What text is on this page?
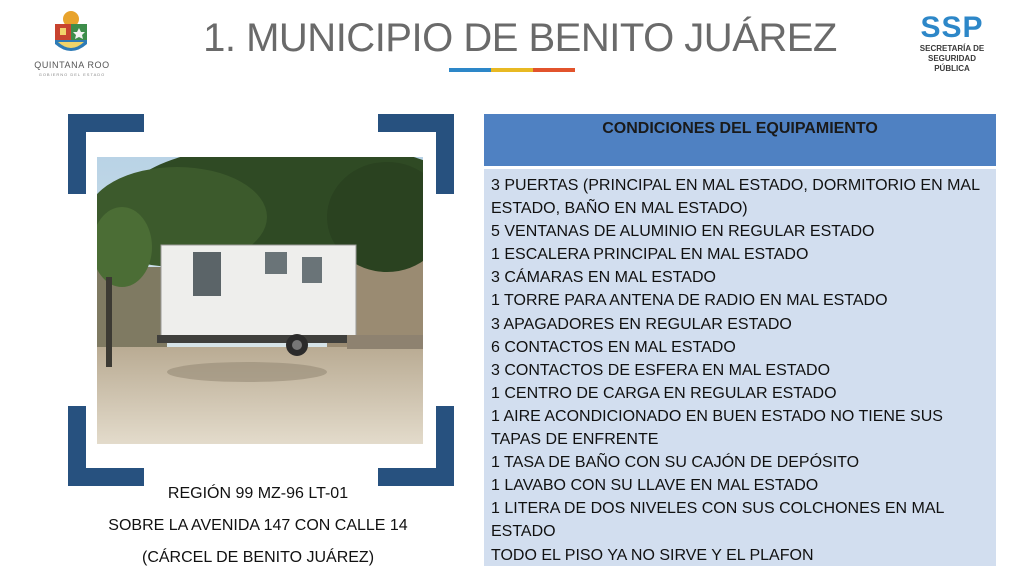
QUINTANA ROO
GOBIERNO DEL ESTADO
1. MUNICIPIO DE BENITO JUÁREZ	SSP
SECRETARÍA DE SEGURIDAD
PÚBLICA
REGIÓN 99 MZ-96 LT-01
SOBRE LA AVENIDA 147 CON CALLE 14
(CÁRCEL DE BENITO JUÁREZ)
CONDICIONES DEL EQUIPAMIENTO
3 PUERTAS (PRINCIPAL EN MAL ESTADO, DORMITORIO EN MAL ESTADO, BAÑO EN MAL ESTADO)
5 VENTANAS DE ALUMINIO EN REGULAR ESTADO
1 ESCALERA PRINCIPAL EN MAL ESTADO
3 CÁMARAS EN MAL ESTADO
1 TORRE PARA ANTENA DE RADIO EN MAL ESTADO
3 APAGADORES EN REGULAR ESTADO
6 CONTACTOS EN MAL ESTADO
3 CONTACTOS DE ESFERA EN MAL ESTADO
1 CENTRO DE CARGA EN REGULAR ESTADO
1 AIRE ACONDICIONADO EN BUEN ESTADO NO TIENE SUS TAPAS DE ENFRENTE
1 TASA DE BAÑO CON SU CAJÓN DE DEPÓSITO
1 LAVABO CON SU LLAVE EN MAL ESTADO
1 LITERA DE DOS NIVELES CON SUS COLCHONES EN MAL ESTADO
TODO EL PISO YA NO SIRVE Y EL PLAFON
